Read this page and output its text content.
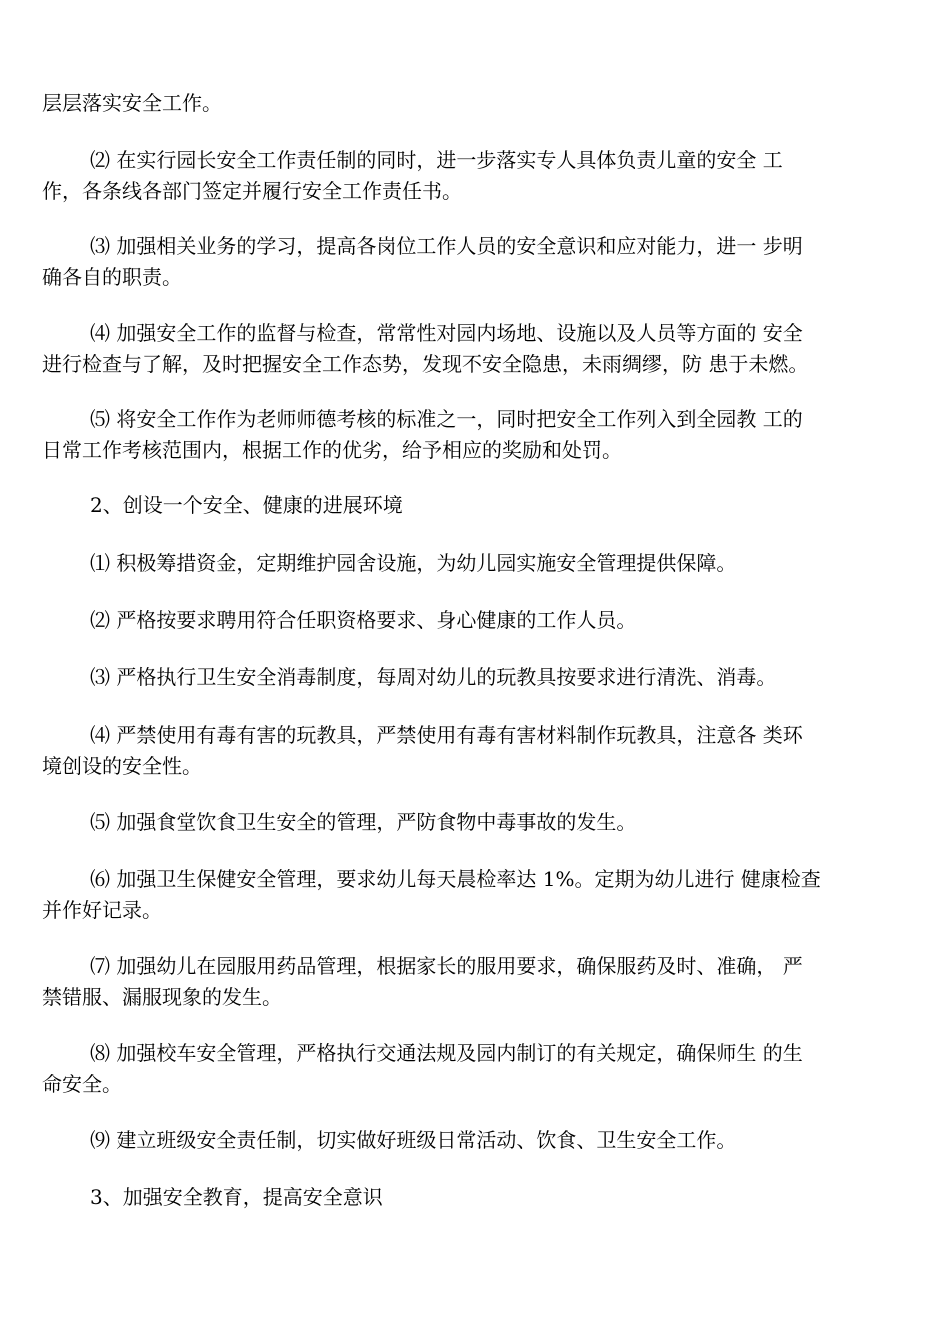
层层落实安全工作。

⑵ 在实行园长安全工作责任制的同时，进一步落实专人具体负责儿童的安全 工
作，各条线各部门签定并履行安全工作责任书。

⑶ 加强相关业务的学习，提高各岗位工作人员的安全意识和应对能力，进一 步明
确各自的职责。

⑷ 加强安全工作的监督与检查，常常性对园内场地、设施以及人员等方面的 安全
进行检查与了解，及时把握安全工作态势，发现不安全隐患，未雨绸缪，防 患于未燃。

⑸ 将安全工作作为老师师德考核的标准之一，同时把安全工作列入到全园教 工的
日常工作考核范围内，根据工作的优劣，给予相应的奖励和处罚。

2、创设一个安全、健康的进展环境

⑴ 积极筹措资金，定期维护园舍设施，为幼儿园实施安全管理提供保障。

⑵ 严格按要求聘用符合任职资格要求、身心健康的工作人员。

⑶ 严格执行卫生安全消毒制度，每周对幼儿的玩教具按要求进行清洗、消毒。

⑷ 严禁使用有毒有害的玩教具，严禁使用有毒有害材料制作玩教具，注意各 类环
境创设的安全性。

⑸ 加强食堂饮食卫生安全的管理，严防食物中毒事故的发生。

⑹ 加强卫生保健安全管理，要求幼儿每天晨检率达 1%。定期为幼儿进行 健康检查
并作好记录。

⑺ 加强幼儿在园服用药品管理，根据家长的服用要求，确保服药及时、准确， 严
禁错服、漏服现象的发生。

⑻ 加强校车安全管理，严格执行交通法规及园内制订的有关规定，确保师生 的生
命安全。

⑼ 建立班级安全责任制，切实做好班级日常活动、饮食、卫生安全工作。

3、加强安全教育，提高安全意识
